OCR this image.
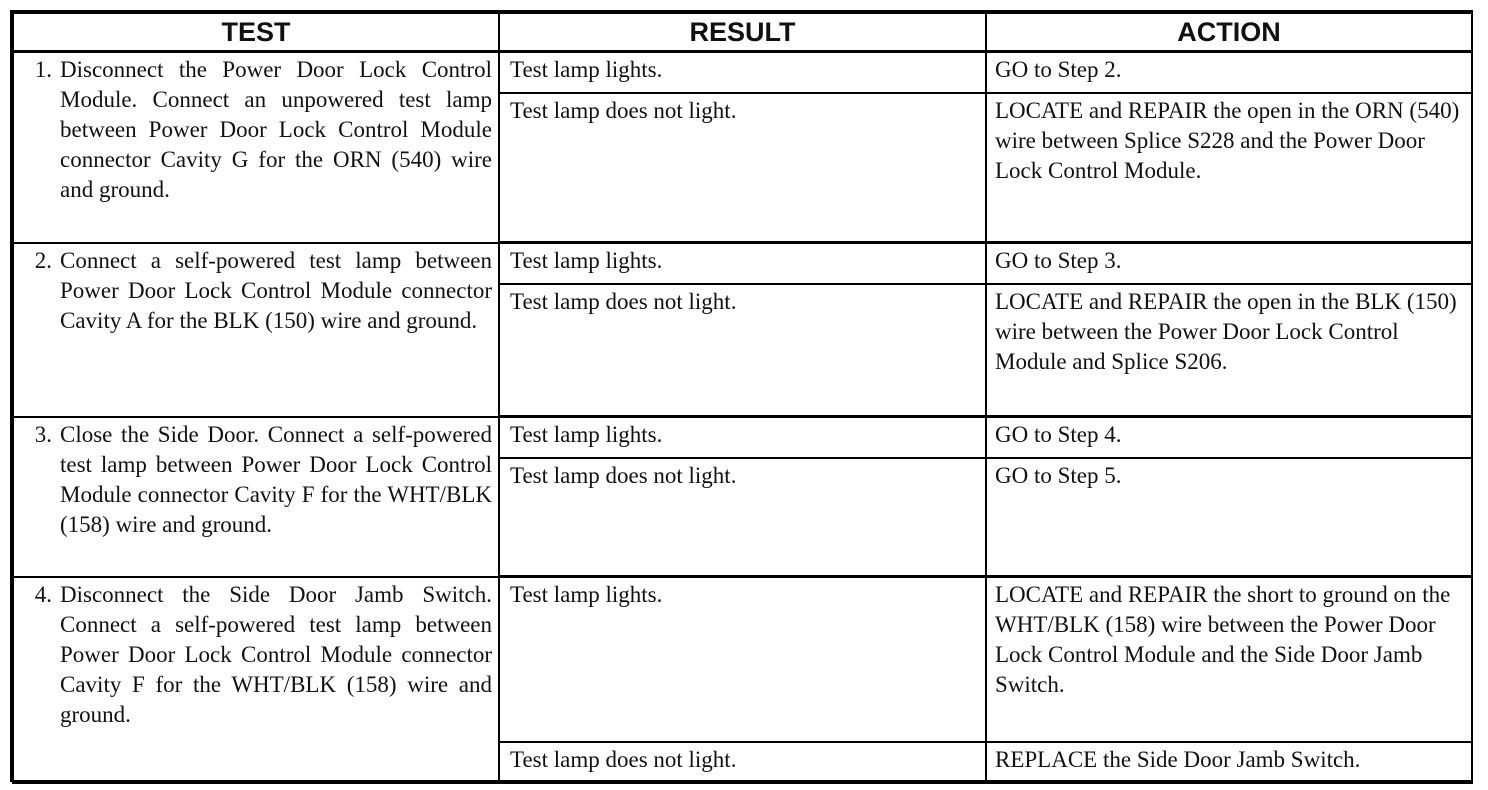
TEST	RESULT	ACTION

1. Disconnect the Power Door Lock Control Module. Connect an unpowered test lamp between Power Door Lock Control Module connector Cavity G for the ORN (540) wire and ground.	Test lamp lights.	GO to Step 2.
	Test lamp does not light.	LOCATE and REPAIR the open in the ORN (540) wire between Splice S228 and the Power Door Lock Control Module.

2. Connect a self-powered test lamp between Power Door Lock Control Module connector Cavity A for the BLK (150) wire and ground.	Test lamp lights.	GO to Step 3.
	Test lamp does not light.	LOCATE and REPAIR the open in the BLK (150) wire between the Power Door Lock Control Module and Splice S206.

3. Close the Side Door. Connect a self-powered test lamp between Power Door Lock Control Module connector Cavity F for the WHT/BLK (158) wire and ground.	Test lamp lights.	GO to Step 4.
	Test lamp does not light.	GO to Step 5.

4. Disconnect the Side Door Jamb Switch. Connect a self-powered test lamp between Power Door Lock Control Module connector Cavity F for the WHT/BLK (158) wire and ground.	Test lamp lights.	LOCATE and REPAIR the short to ground on the WHT/BLK (158) wire between the Power Door Lock Control Module and the Side Door Jamb Switch.
	Test lamp does not light.	REPLACE the Side Door Jamb Switch.
